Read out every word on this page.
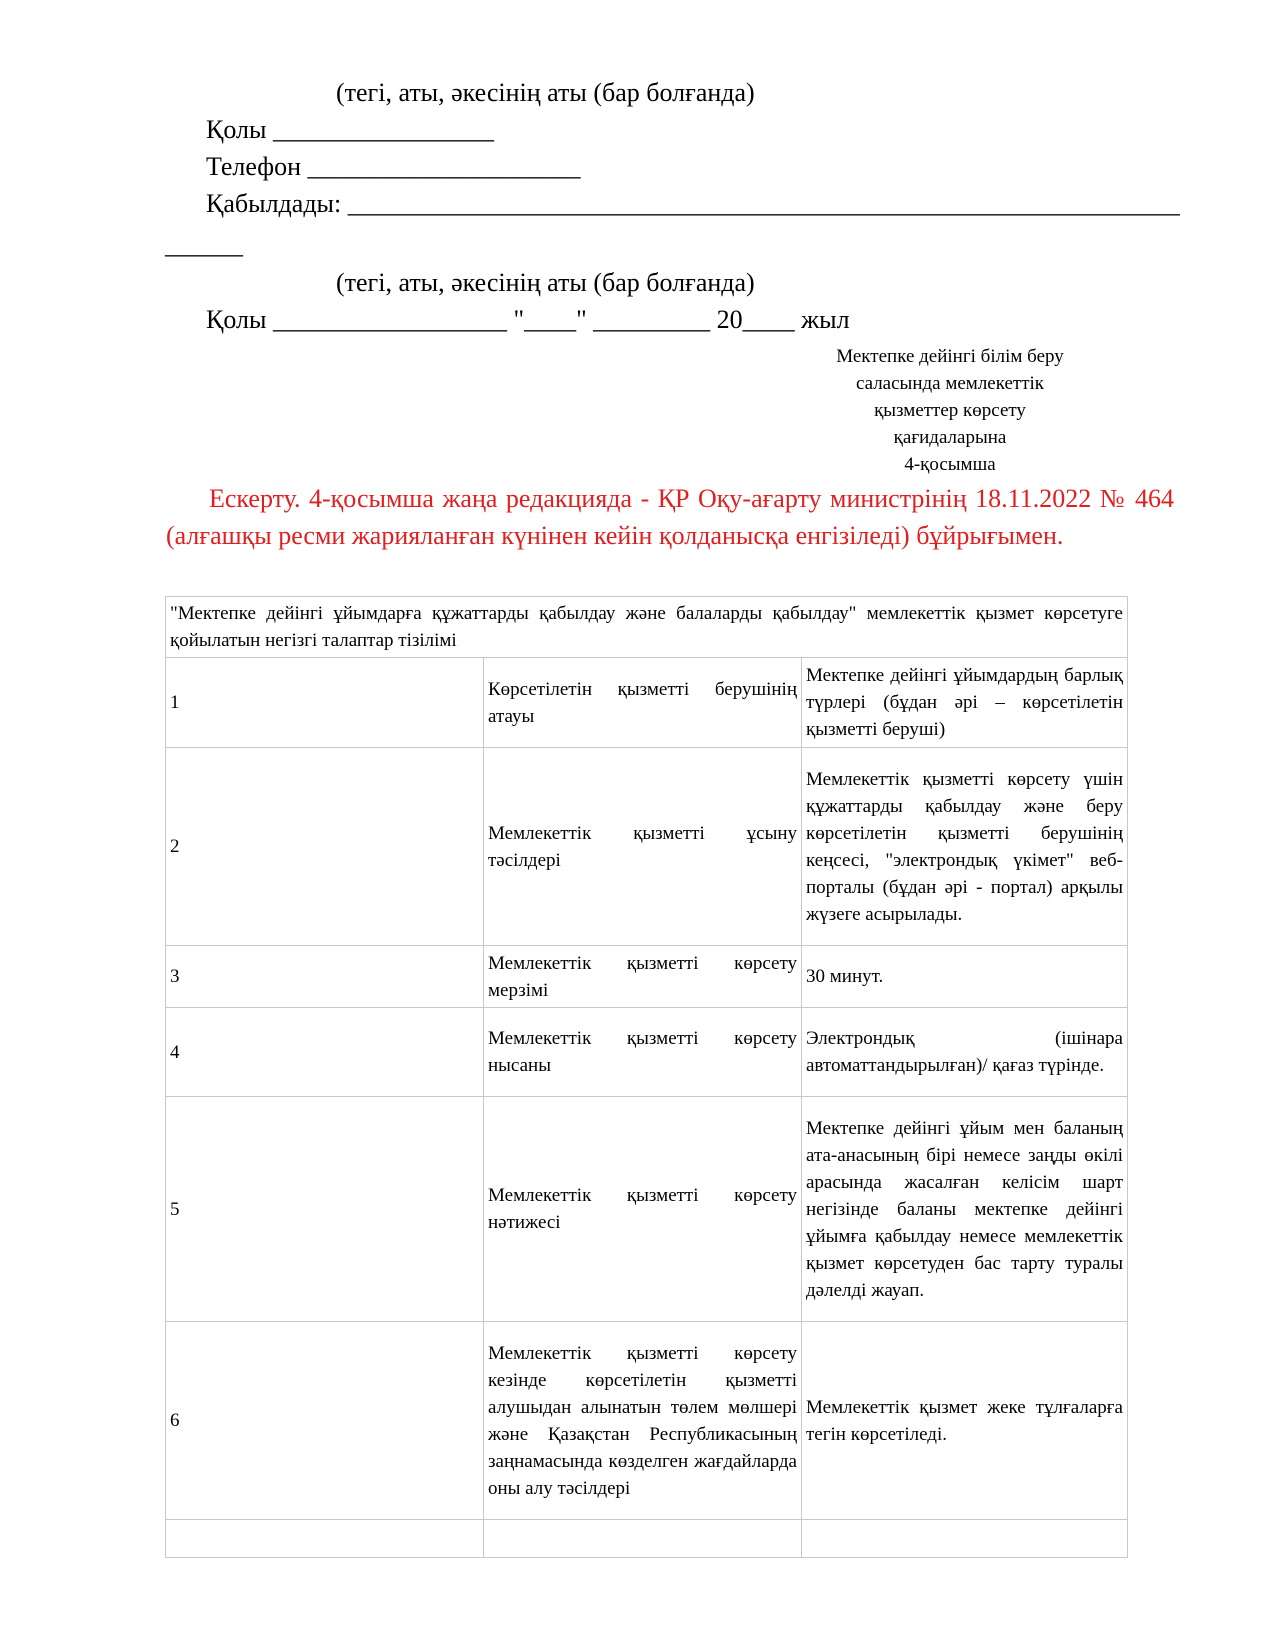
(тегі, аты, әкесінің аты (бар болғанда)
Қолы _________________
Телефон _____________________
Қабылдады: ________________________________________________________________
______
(тегі, аты, әкесінің аты (бар болғанда)
Қолы __________________ "____" _________ 20____ жыл
Мектепке дейінгі білім беру
саласында мемлекеттік
қызметтер көрсету
қағидаларына
4-қосымша
Ескерту. 4-қосымша жаңа редакцияда - ҚР Оқу-ағарту министрінің 18.11.2022 № 464 (алғашқы ресми жарияланған күнінен кейін қолданысқа енгізіледі) бұйрығымен.
"Мектепке дейінгі ұйымдарға құжаттарды қабылдау және балаларды қабылдау" мемлекеттік қызмет көрсетуге қойылатын негізгі талаптар тізілімі		
1	Көрсетілетін қызметті берушінің атауы	Мектепке дейінгі ұйымдардың барлық түрлері (бұдан әрі – көрсетілетін қызметті беруші)
2	Мемлекеттік қызметті ұсыну тәсілдері	Мемлекеттік қызметті көрсету үшін құжаттарды қабылдау және беру көрсетілетін қызметті берушінің кеңсесі, "электрондық үкімет" веб-порталы (бұдан әрі - портал) арқылы жүзеге асырылады.
3	Мемлекеттік қызметті көрсету мерзімі	30 минут.
4	Мемлекеттік қызметті көрсету нысаны	Электрондық (ішінара автоматтандырылған)/ қағаз түрінде.
5	Мемлекеттік қызметті көрсету нәтижесі	Мектепке дейінгі ұйым мен баланың ата-анасының бірі немесе заңды өкілі арасында жасалған келісім шарт негізінде баланы мектепке дейінгі ұйымға қабылдау немесе мемлекеттік қызмет көрсетуден бас тарту туралы дәлелді жауап.
6	Мемлекеттік қызметті көрсету кезінде көрсетілетін қызметті алушыдан алынатын төлем мөлшері және Қазақстан Республикасының заңнамасында көзделген жағдайларда оны алу тәсілдері	Мемлекеттік қызмет жеке тұлғаларға тегін көрсетіледі.
